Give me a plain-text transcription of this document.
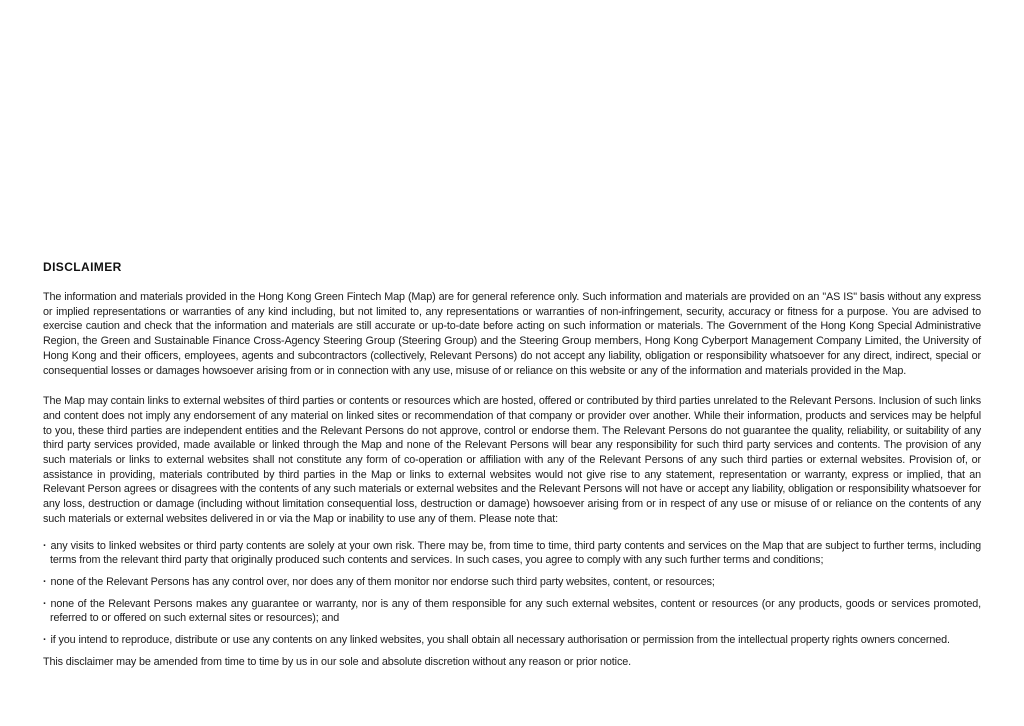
DISCLAIMER

The information and materials provided in the Hong Kong Green Fintech Map (Map) are for general reference only. Such information and materials are provided on an "AS IS" basis without any express or implied representations or warranties of any kind including, but not limited to, any representations or warranties of non-infringement, security, accuracy or fitness for a purpose. You are advised to exercise caution and check that the information and materials are still accurate or up-to-date before acting on such information or materials. The Government of the Hong Kong Special Administrative Region, the Green and Sustainable Finance Cross-Agency Steering Group (Steering Group) and the Steering Group members, Hong Kong Cyberport Management Company Limited, the University of Hong Kong and their officers, employees, agents and subcontractors (collectively, Relevant Persons) do not accept any liability, obligation or responsibility whatsoever for any direct, indirect, special or consequential losses or damages howsoever arising from or in connection with any use, misuse of or reliance on this website or any of the information and materials provided in the Map.

The Map may contain links to external websites of third parties or contents or resources which are hosted, offered or contributed by third parties unrelated to the Relevant Persons. Inclusion of such links and content does not imply any endorsement of any material on linked sites or recommendation of that company or provider over another. While their information, products and services may be helpful to you, these third parties are independent entities and the Relevant Persons do not approve, control or endorse them. The Relevant Persons do not guarantee the quality, reliability, or suitability of any third party services provided, made available or linked through the Map and none of the Relevant Persons will bear any responsibility for such third party services and contents. The provision of any such materials or links to external websites shall not constitute any form of co-operation or affiliation with any of the Relevant Persons of any such third parties or external websites. Provision of, or assistance in providing, materials contributed by third parties in the Map or links to external websites would not give rise to any statement, representation or warranty, express or implied, that an Relevant Person agrees or disagrees with the contents of any such materials or external websites and the Relevant Persons will not have or accept any liability, obligation or responsibility whatsoever for any loss, destruction or damage (including without limitation consequential loss, destruction or damage) howsoever arising from or in respect of any use or misuse of or reliance on the contents of any such materials or external websites delivered in or via the Map or inability to use any of them. Please note that:

· any visits to linked websites or third party contents are solely at your own risk. There may be, from time to time, third party contents and services on the Map that are subject to further terms, including terms from the relevant third party that originally produced such contents and services. In such cases, you agree to comply with any such further terms and conditions;
· none of the Relevant Persons has any control over, nor does any of them monitor nor endorse such third party websites, content, or resources;
· none of the Relevant Persons makes any guarantee or warranty, nor is any of them responsible for any such external websites, content or resources (or any products, goods or services promoted, referred to or offered on such external sites or resources); and
· if you intend to reproduce, distribute or use any contents on any linked websites, you shall obtain all necessary authorisation or permission from the intellectual property rights owners concerned.

This disclaimer may be amended from time to time by us in our sole and absolute discretion without any reason or prior notice.
